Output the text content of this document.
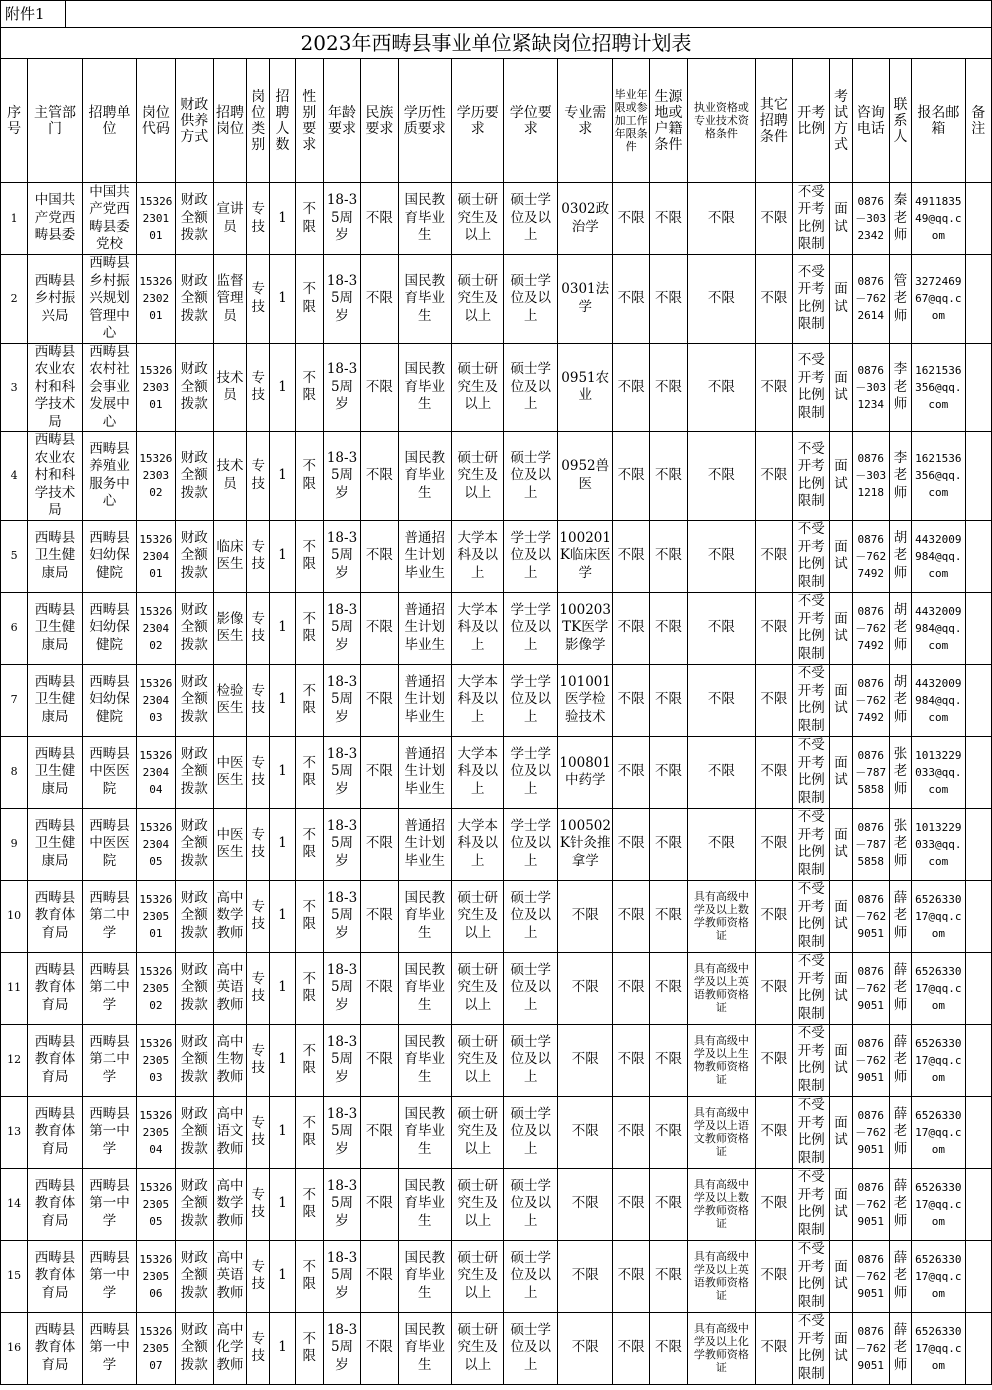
附件1
2023年西畴县事业单位紧缺岗位招聘计划表
序号	主管部门	招聘单位	岗位代码	财政供养方式	招聘岗位	岗位类别	招聘人数	性别要求	年龄要求	民族要求	学历性质要求	学历要求	学位要求	专业需求	毕业年限或参加工作年限条件	生源地或户籍条件	执业资格或专业技术资格条件	其它招聘条件	开考比例	考试方式	咨询电话	联系人	报名邮箱	备注
1	中国共产党西畴县委	中国共产党西畴县委党校	153262301 01	财政全额拨款	宣讲员	专技	1	不限	18-35周岁	不限	国民教育毕业生	硕士研究生及以上	硕士学位及以上	0302政治学	不限	不限	不限	不限	不受开考比例限制	面试	0876－3032342	秦老师	491183549@qq.com	
2	西畴县乡村振兴局	西畴县乡村振兴规划管理中心	153262302 01	财政全额拨款	监督管理员	专技	1	不限	18-35周岁	不限	国民教育毕业生	硕士研究生及以上	硕士学位及以上	0301法学	不限	不限	不限	不限	不受开考比例限制	面试	0876－7622614	管老师	327246967@qq.com	
3	西畴县农业农村和科学技术局	西畴县农村社会事业发展中心	153262303 01	财政全额拨款	技术员	专技	1	不限	18-35周岁	不限	国民教育毕业生	硕士研究生及以上	硕士学位及以上	0951农业	不限	不限	不限	不限	不受开考比例限制	面试	0876－3031234	李老师	1621536356@qq.com	
4	西畴县农业农村和科学技术局	西畴县养殖业服务中心	153262303 02	财政全额拨款	技术员	专技	1	不限	18-35周岁	不限	国民教育毕业生	硕士研究生及以上	硕士学位及以上	0952兽医	不限	不限	不限	不限	不受开考比例限制	面试	0876－3031218	李老师	1621536356@qq.com	
5	西畴县卫生健康局	西畴县妇幼保健院	153262304 01	财政全额拨款	临床医生	专技	1	不限	18-35周岁	不限	普通招生计划毕业生	大学本科及以上	学士学位及以上	100201K临床医学	不限	不限	不限	不限	不受开考比例限制	面试	0876－7627492	胡老师	4432009984@qq.com	
6	西畴县卫生健康局	西畴县妇幼保健院	153262304 02	财政全额拨款	影像医生	专技	1	不限	18-35周岁	不限	普通招生计划毕业生	大学本科及以上	学士学位及以上	100203TK医学影像学	不限	不限	不限	不限	不受开考比例限制	面试	0876－7627492	胡老师	4432009984@qq.com	
7	西畴县卫生健康局	西畴县妇幼保健院	153262304 03	财政全额拨款	检验医生	专技	1	不限	18-35周岁	不限	普通招生计划毕业生	大学本科及以上	学士学位及以上	101001医学检验技术	不限	不限	不限	不限	不受开考比例限制	面试	0876－7627492	胡老师	4432009984@qq.com	
8	西畴县卫生健康局	西畴县中医医院	153262304 04	财政全额拨款	中医医生	专技	1	不限	18-35周岁	不限	普通招生计划毕业生	大学本科及以上	学士学位及以上	100801中药学	不限	不限	不限	不限	不受开考比例限制	面试	0876－7875858	张老师	1013229033@qq.com	
9	西畴县卫生健康局	西畴县中医医院	153262304 05	财政全额拨款	中医医生	专技	1	不限	18-35周岁	不限	普通招生计划毕业生	大学本科及以上	学士学位及以上	100502K针灸推拿学	不限	不限	不限	不限	不受开考比例限制	面试	0876－7875858	张老师	1013229033@qq.com	
10	西畴县教育体育局	西畴县第二中学	153262305 01	财政全额拨款	高中数学教师	专技	1	不限	18-35周岁	不限	国民教育毕业生	硕士研究生及以上	硕士学位及以上	不限	不限	不限	具有高级中学及以上数学教师资格证	不限	不受开考比例限制	面试	0876－7629051	薛老师	652633017@qq.com	
11	西畴县教育体育局	西畴县第二中学	153262305 02	财政全额拨款	高中英语教师	专技	1	不限	18-35周岁	不限	国民教育毕业生	硕士研究生及以上	硕士学位及以上	不限	不限	不限	具有高级中学及以上英语教师资格证	不限	不受开考比例限制	面试	0876－7629051	薛老师	652633017@qq.com	
12	西畴县教育体育局	西畴县第二中学	153262305 03	财政全额拨款	高中生物教师	专技	1	不限	18-35周岁	不限	国民教育毕业生	硕士研究生及以上	硕士学位及以上	不限	不限	不限	具有高级中学及以上生物教师资格证	不限	不受开考比例限制	面试	0876－7629051	薛老师	652633017@qq.com	
13	西畴县教育体育局	西畴县第一中学	153262305 04	财政全额拨款	高中语文教师	专技	1	不限	18-35周岁	不限	国民教育毕业生	硕士研究生及以上	硕士学位及以上	不限	不限	不限	具有高级中学及以上语文教师资格证	不限	不受开考比例限制	面试	0876－7629051	薛老师	652633017@qq.com	
14	西畴县教育体育局	西畴县第一中学	153262305 05	财政全额拨款	高中数学教师	专技	1	不限	18-35周岁	不限	国民教育毕业生	硕士研究生及以上	硕士学位及以上	不限	不限	不限	具有高级中学及以上数学教师资格证	不限	不受开考比例限制	面试	0876－7629051	薛老师	652633017@qq.com	
15	西畴县教育体育局	西畴县第一中学	153262305 06	财政全额拨款	高中英语教师	专技	1	不限	18-35周岁	不限	国民教育毕业生	硕士研究生及以上	硕士学位及以上	不限	不限	不限	具有高级中学及以上英语教师资格证	不限	不受开考比例限制	面试	0876－7629051	薛老师	652633017@qq.com	
16	西畴县教育体育局	西畴县第一中学	153262305 07	财政全额拨款	高中化学教师	专技	1	不限	18-35周岁	不限	国民教育毕业生	硕士研究生及以上	硕士学位及以上	不限	不限	不限	具有高级中学及以上化学教师资格证	不限	不受开考比例限制	面试	0876－7629051	薛老师	652633017@qq.com	
